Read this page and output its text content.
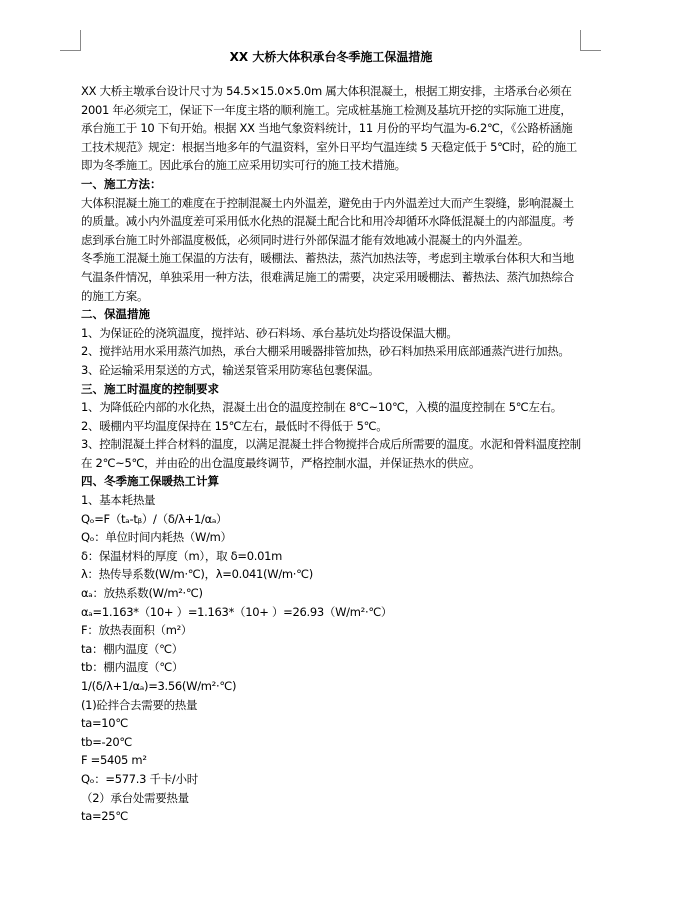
XX 大桥大体积承台冬季施工保温措施
XX 大桥主墩承台设计尺寸为 54.5×15.0×5.0m 属大体积混凝土，根据工期安排，主塔承台必须在 2001 年必须完工，保证下一年度主塔的顺利施工。完成桩基施工检测及基坑开挖的实际施工进度，承台施工于 10 下旬开始。根据 XX 当地气象资料统计，11 月份的平均气温为-6.2℃，《公路桥涵施工技术规范》规定：根据当地多年的气温资料，室外日平均气温连续 5 天稳定低于 5℃时，砼的施工即为冬季施工。因此承台的施工应采用切实可行的施工技术措施。
一、施工方法：
大体积混凝土施工的难度在于控制混凝土内外温差，避免由于内外温差过大而产生裂缝，影响混凝土的质量。减小内外温度差可采用低水化热的混凝土配合比和用冷却循环水降低混凝土的内部温度。考虑到承台施工时外部温度极低，必须同时进行外部保温才能有效地减小混凝土的内外温差。
冬季施工混凝土施工保温的方法有，暖棚法、蓄热法，蒸汽加热法等，考虑到主墩承台体积大和当地气温条件情况，单独采用一种方法，很难满足施工的需要，决定采用暖棚法、蓄热法、蒸汽加热综合的施工方案。
二、保温措施
1、为保证砼的浇筑温度，搅拌站、砂石料场、承台基坑处均搭设保温大棚。
2、搅拌站用水采用蒸汽加热，承台大棚采用暖器排管加热，砂石料加热采用底部通蒸汽进行加热。
3、砼运输采用泵送的方式，输送泵管采用防寒毡包裹保温。
三、施工时温度的控制要求
1、为降低砼内部的水化热，混凝土出仓的温度控制在 8℃~10℃，入模的温度控制在 5℃左右。
2、暖棚内平均温度保持在 15℃左右，最低时不得低于 5℃。
3、控制混凝土拌合材料的温度，以满足混凝土拌合物搅拌合成后所需要的温度。水泥和骨料温度控制在 2℃~5℃，并由砼的出仓温度最终调节，严格控制水温，并保证热水的供应。
四、冬季施工保暖热工计算
1、基本耗热量
Qₒ=F（tₐ-tᵦ）/（δ/λ+1/αₐ）
Qₒ：单位时间内耗热（W/m）
δ：保温材料的厚度（m），取 δ=0.01m
λ：热传导系数(W/m·℃)，λ=0.041(W/m·℃)
αₐ：放热系数(W/m²·℃)
αₐ=1.163*（10+ ）=1.163*（10+ ）=26.93（W/m²·℃）
F：放热表面积（m²）
ta：棚内温度（℃）
tb：棚内温度（℃）
1/(δ/λ+1/αₐ)=3.56(W/m²·℃)
(1)砼拌合去需要的热量
ta=10℃
tb=-20℃
F =5405 m²
Qₒ：=577.3 千卡/小时
（2）承台处需要热量
ta=25℃
